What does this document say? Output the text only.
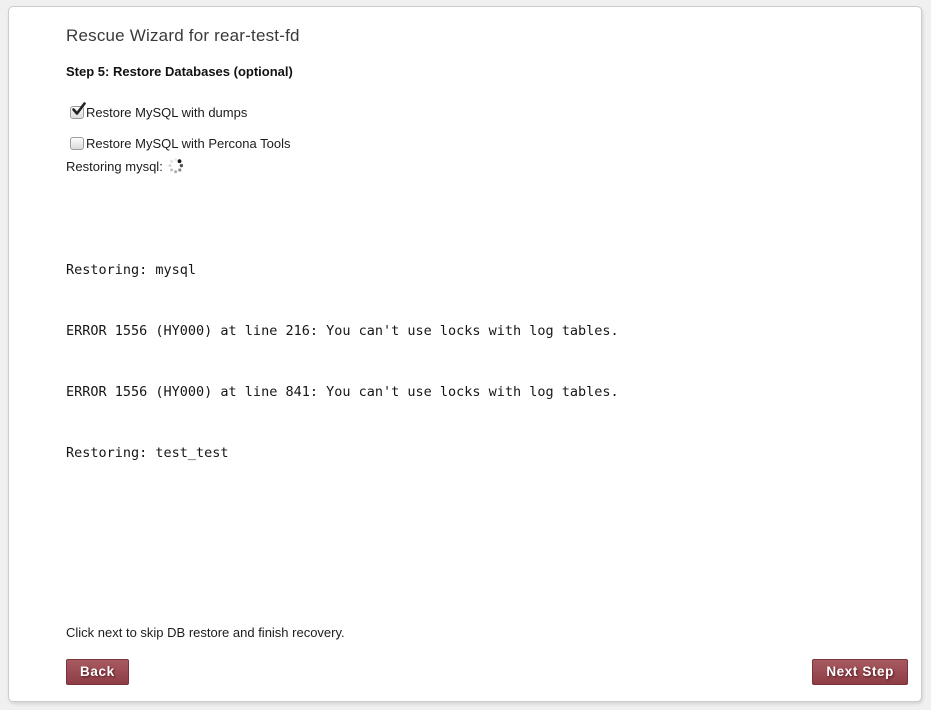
Rescue Wizard for rear-test-fd
Step 5: Restore Databases (optional)
Restore MySQL with dumps
Restore MySQL with Percona Tools
Restoring mysql:

Restoring: mysql

ERROR 1556 (HY000) at line 216: You can't use locks with log tables.

ERROR 1556 (HY000) at line 841: You can't use locks with log tables.

Restoring: test_test

Click next to skip DB restore and finish recovery.
Back	Next Step
